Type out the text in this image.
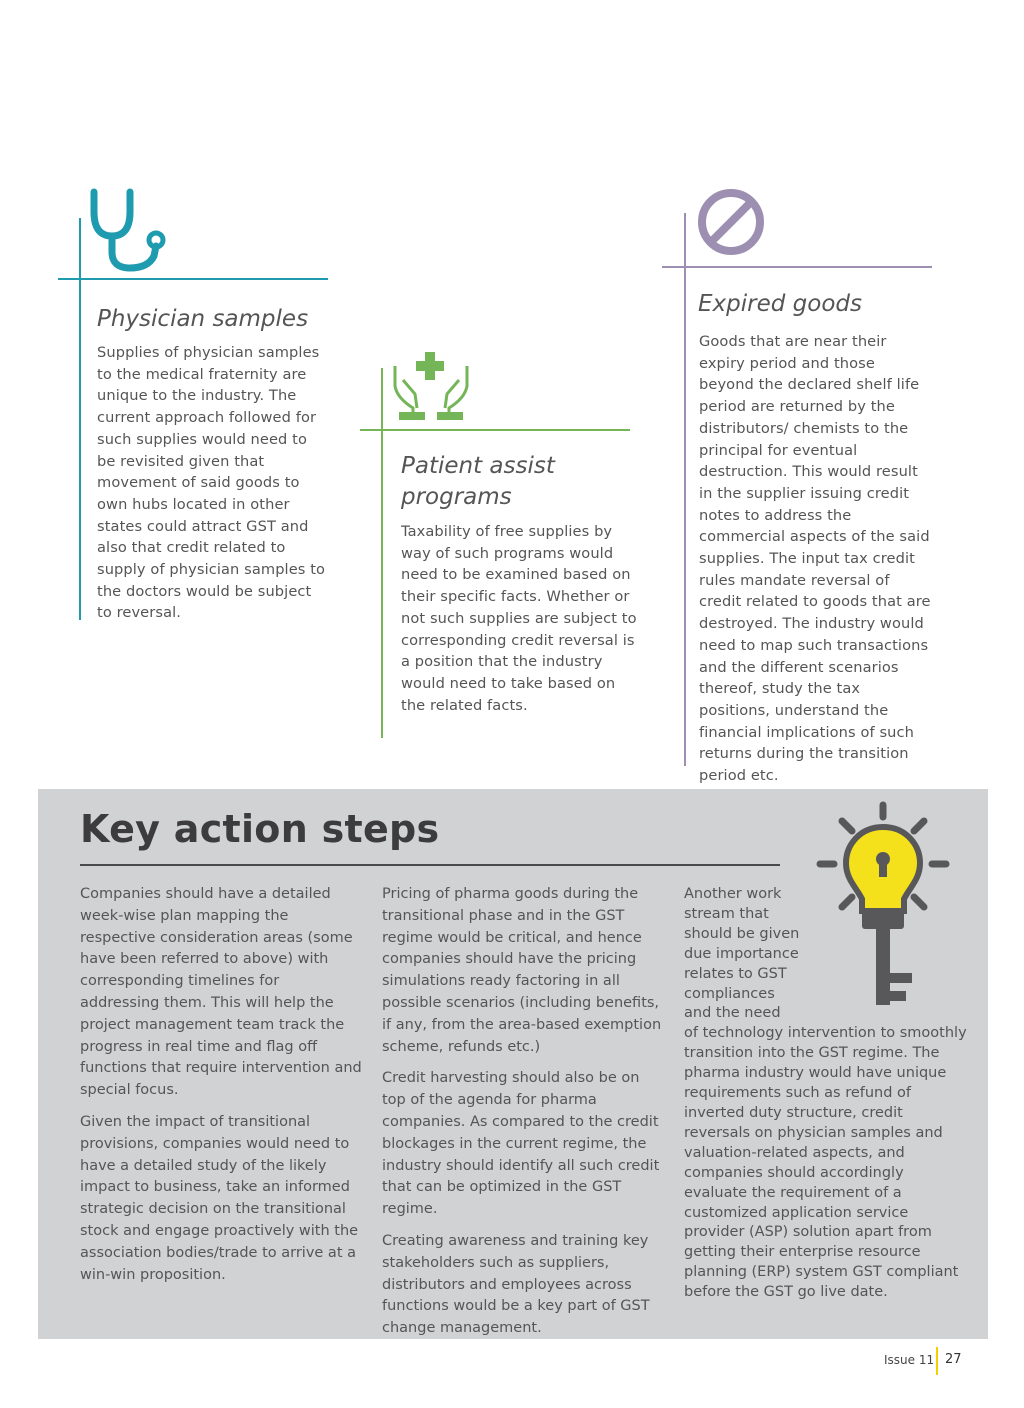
Physician samples
Supplies of physician samples to the medical fraternity are unique to the industry. The current approach followed for such supplies would need to be revisited given that movement of said goods to own hubs located in other states could attract GST and also that credit related to supply of physician samples to the doctors would be subject to reversal.
Patient assist
programs
Taxability of free supplies by way of such programs would need to be examined based on their specific facts. Whether or not such supplies are subject to corresponding credit reversal is a position that the industry would need to take based on the related facts.
Expired goods
Goods that are near their expiry period and those beyond the declared shelf life period are returned by the distributors/ chemists to the principal for eventual destruction. This would result in the supplier issuing credit notes to address the commercial aspects of the said supplies. The input tax credit rules mandate reversal of credit related to goods that are destroyed. The industry would need to map such transactions and the different scenarios thereof, study the tax positions, understand the financial implications of such returns during the transition period etc.
Key action steps

Companies should have a detailed week-wise plan mapping the respective consideration areas (some have been referred to above) with corresponding timelines for addressing them. This will help the project management team track the progress in real time and flag off functions that require intervention and special focus.

Given the impact of transitional provisions, companies would need to have a detailed study of the likely impact to business, take an informed strategic decision on the transitional stock and engage proactively with the association bodies/trade to arrive at a win-win proposition.

Pricing of pharma goods during the transitional phase and in the GST regime would be critical, and hence companies should have the pricing simulations ready factoring in all possible scenarios (including benefits, if any, from the area-based exemption scheme, refunds etc.)

Credit harvesting should also be on top of the agenda for pharma companies. As compared to the credit blockages in the current regime, the industry should identify all such credit that can be optimized in the GST regime.

Creating awareness and training key stakeholders such as suppliers, distributors and employees across functions would be a key part of GST change management.

Another work
stream that
should be given
due importance
relates to GST
compliances
and the need
of technology intervention to smoothly transition into the GST regime. The pharma industry would have unique requirements such as refund of inverted duty structure, credit reversals on physician samples and valuation-related aspects, and companies should accordingly evaluate the requirement of a customized application service provider (ASP) solution apart from getting their enterprise resource planning (ERP) system GST compliant before the GST go live date.
Issue 11 27
